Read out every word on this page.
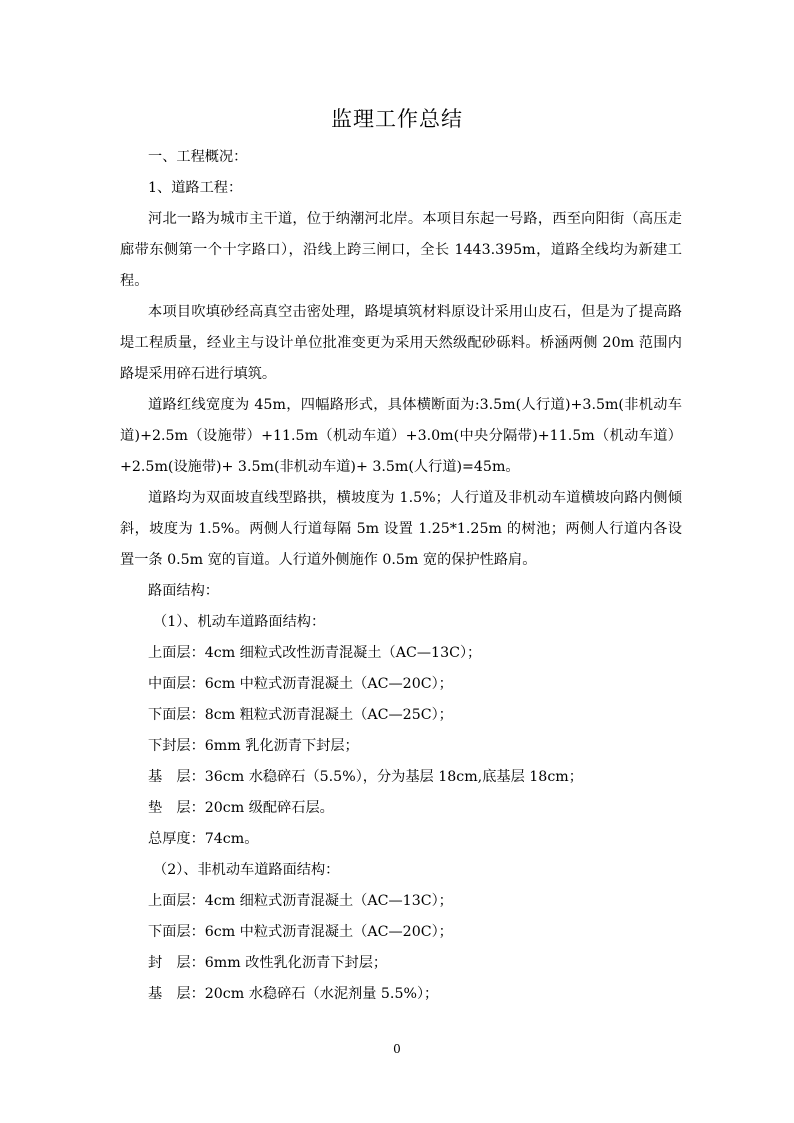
监理工作总结

一、工程概况：

1、道路工程：

河北一路为城市主干道，位于纳潮河北岸。本项目东起一号路，西至向阳街（高压走廊带东侧第一个十字路口），沿线上跨三闸口，全长 1443.395m，道路全线均为新建工程。

本项目吹填砂经高真空击密处理，路堤填筑材料原设计采用山皮石，但是为了提高路堤工程质量，经业主与设计单位批准变更为采用天然级配砂砾料。桥涵两侧 20m 范围内路堤采用碎石进行填筑。

道路红线宽度为 45m，四幅路形式，具体横断面为:3.5m(人行道)+3.5m(非机动车道)+2.5m（设施带）+11.5m（机动车道）+3.0m(中央分隔带)+11.5m（机动车道）+2.5m(设施带)+ 3.5m(非机动车道)+ 3.5m(人行道)=45m。

道路均为双面坡直线型路拱，横坡度为 1.5%；人行道及非机动车道横坡向路内侧倾斜，坡度为 1.5%。两侧人行道每隔 5m 设置 1.25*1.25m 的树池；两侧人行道内各设置一条 0.5m 宽的盲道。人行道外侧施作 0.5m 宽的保护性路肩。

路面结构：

（1）、机动车道路面结构：

上面层：4cm 细粒式改性沥青混凝土（AC—13C）；

中面层：6cm 中粒式沥青混凝土（AC—20C）；

下面层：8cm 粗粒式沥青混凝土（AC—25C）；

下封层：6mm 乳化沥青下封层；

基　层：36cm 水稳碎石（5.5%），分为基层 18cm,底基层 18cm；

垫　层：20cm 级配碎石层。

总厚度：74cm。

（2）、非机动车道路面结构：

上面层：4cm 细粒式沥青混凝土（AC—13C）；

下面层：6cm 中粒式沥青混凝土（AC—20C）；

封　层：6mm 改性乳化沥青下封层；

基　层：20cm 水稳碎石（水泥剂量 5.5%）；

0
